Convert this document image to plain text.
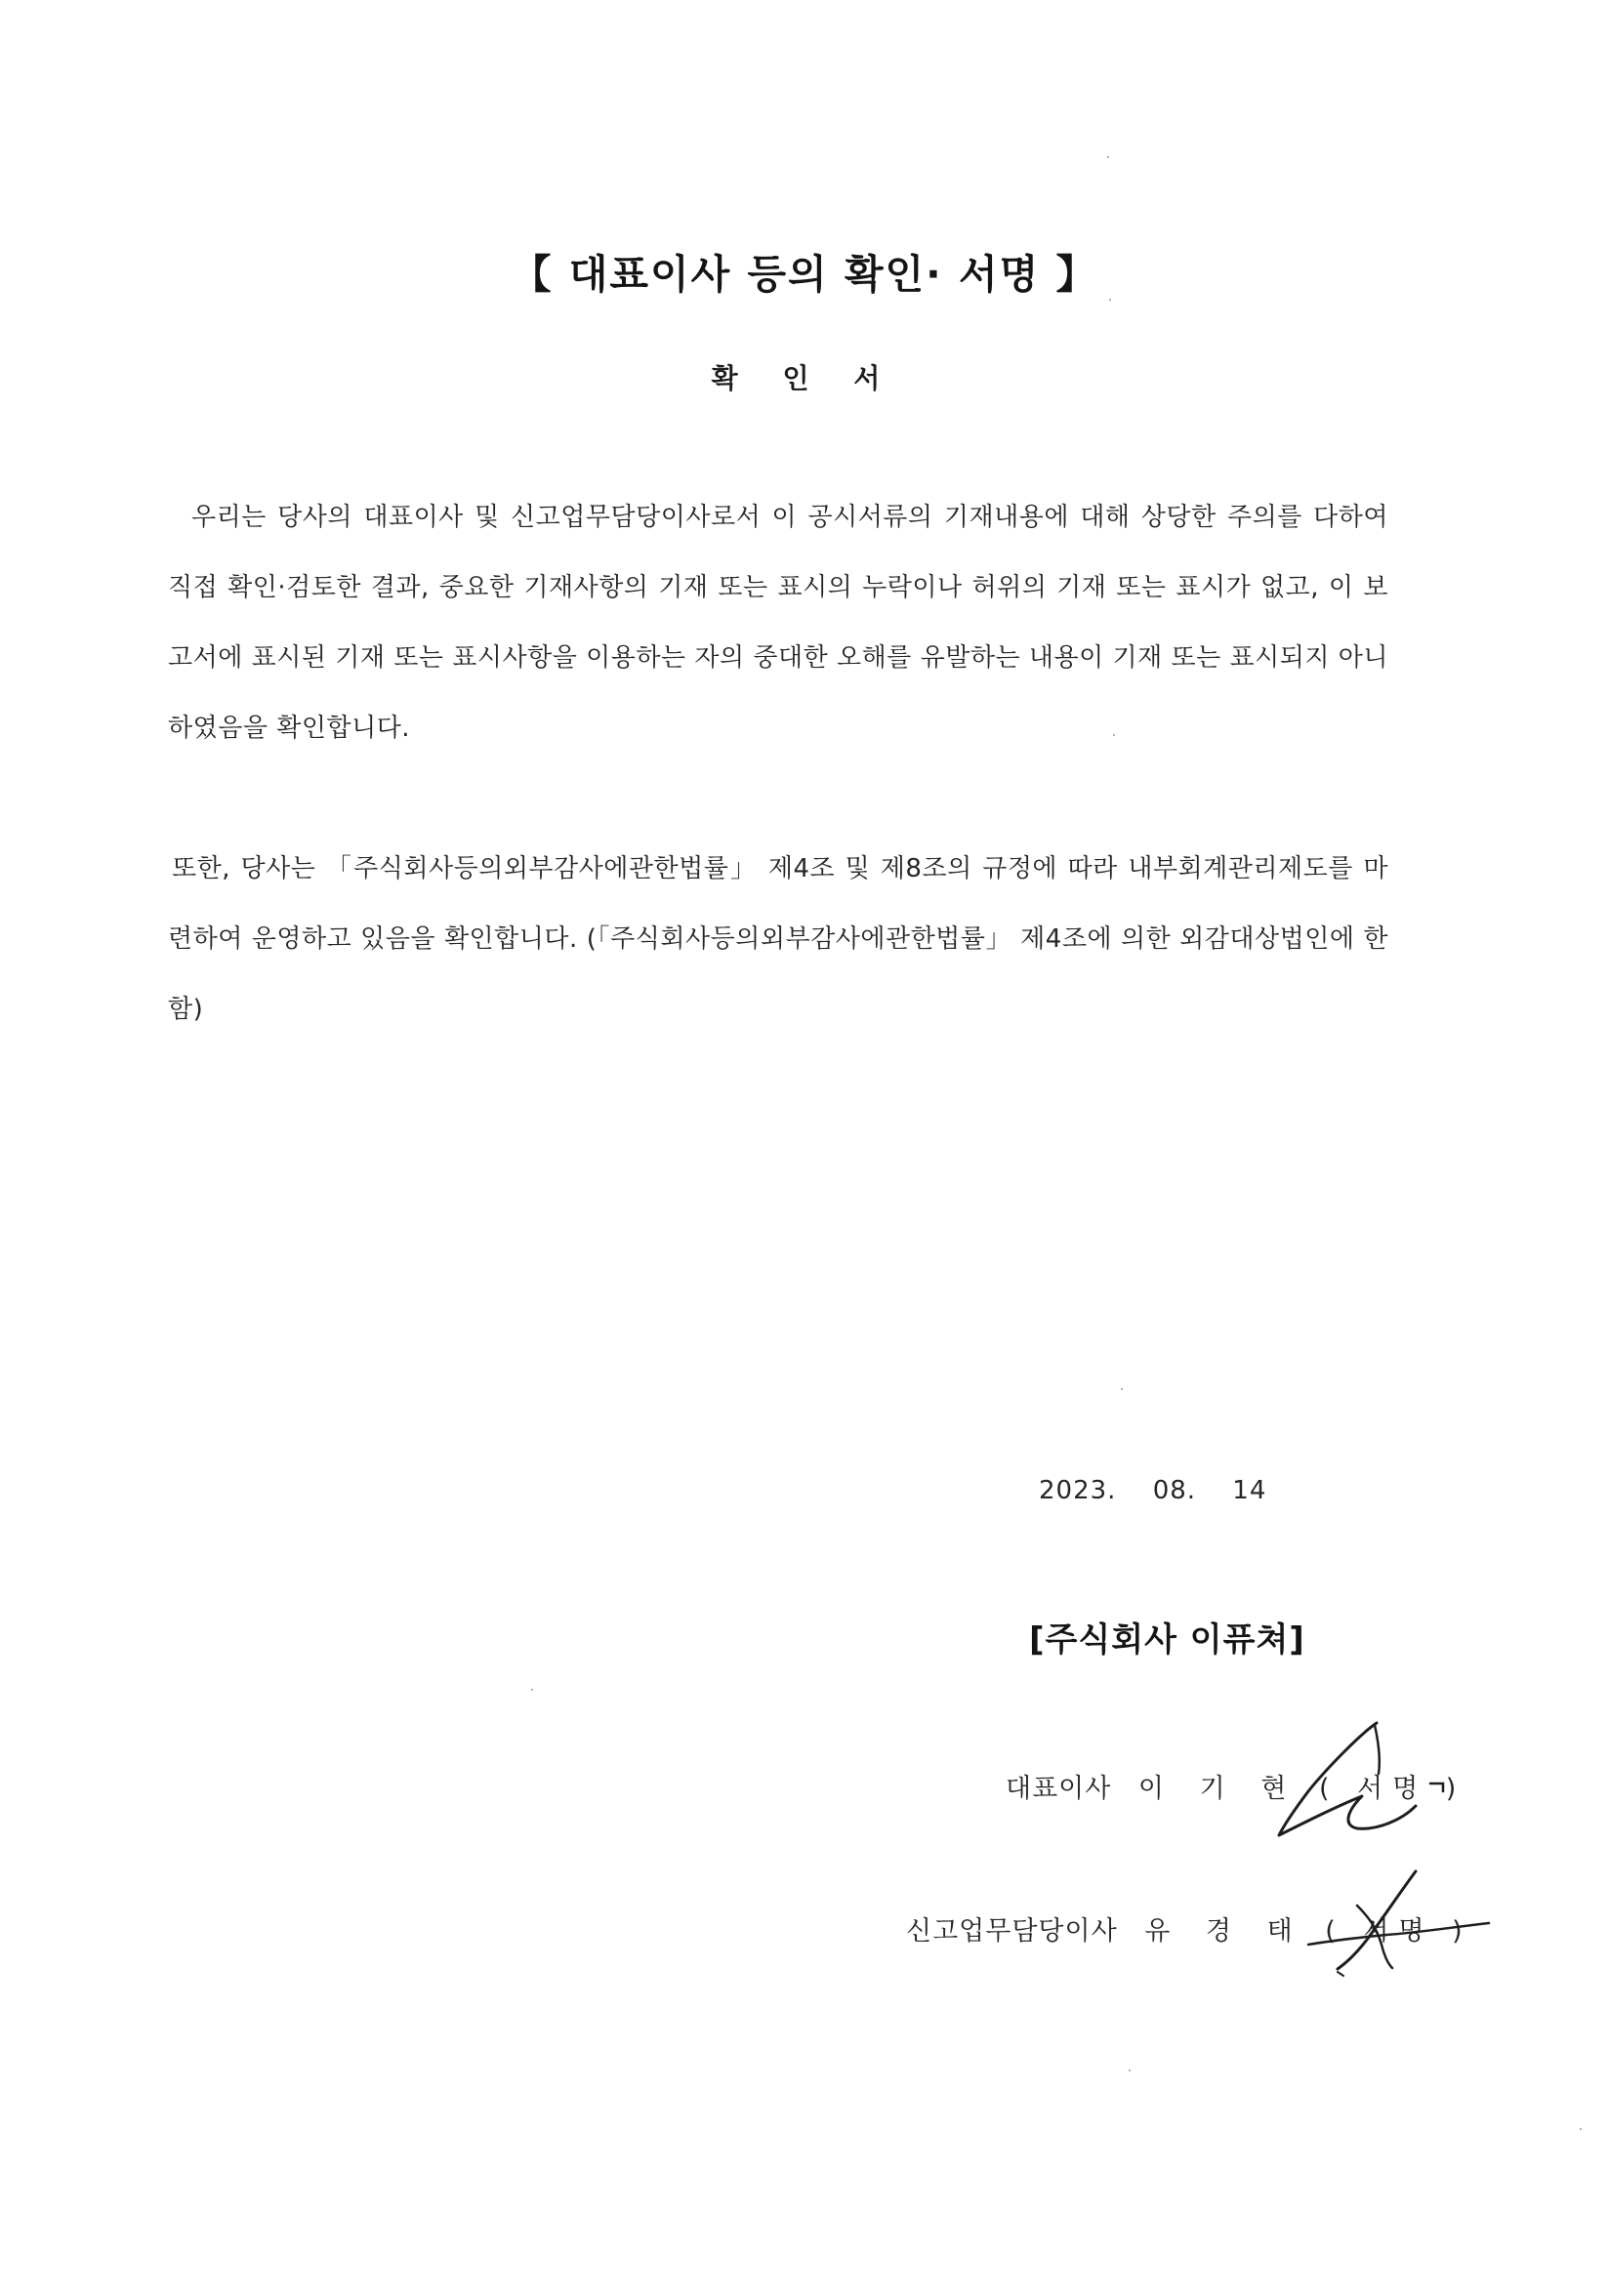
【 대표이사 등의 확인· 서명 】
확 인 서
우리는 당사의 대표이사 및 신고업무담당이사로서 이 공시서류의 기재내용에 대해 상당한 주의를 다하여 직접 확인·검토한 결과, 중요한 기재사항의 기재 또는 표시의 누락이나 허위의 기재 또는 표시가 없고, 이 보고서에 표시된 기재 또는 표시사항을 이용하는 자의 중대한 오해를 유발하는 내용이 기재 또는 표시되지 아니하였음을 확인합니다.
또한, 당사는 「주식회사등의외부감사에관한법률」 제4조 및 제8조의 규정에 따라 내부회계관리제도를 마련하여 운영하고 있음을 확인합니다. (「주식회사등의외부감사에관한법률」 제4조에 의한 외감대상법인에 한함)
2023. 08. 14
[주식회사 이퓨쳐]
대표이사 이 기 현 ( 서명 )
신고업무담당이사 유 경 태 ( 서명 )
